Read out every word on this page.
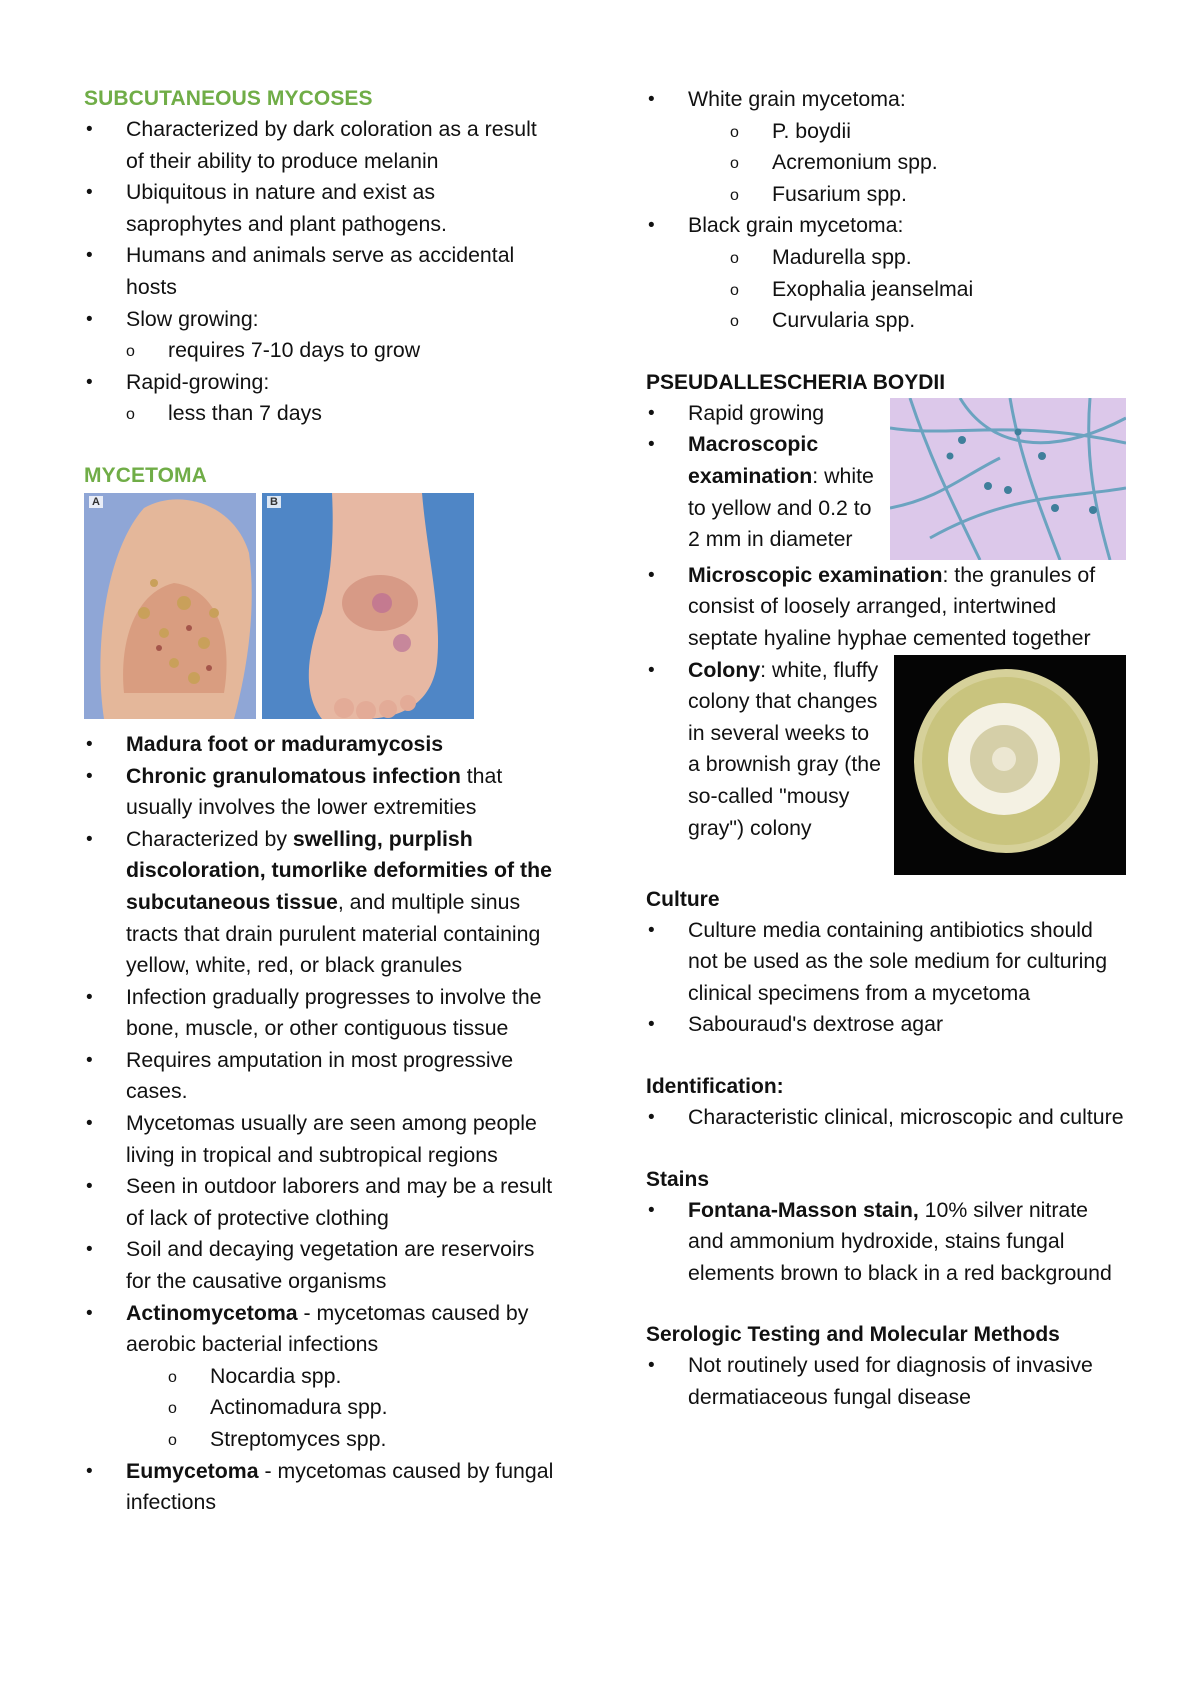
SUBCUTANEOUS MYCOSES

• Characterized by dark coloration as a result of their ability to produce melanin
• Ubiquitous in nature and exist as saprophytes and plant pathogens.
• Humans and animals serve as accidental hosts
• Slow growing:
o requires 7-10 days to grow
• Rapid-growing:
o less than 7 days

MYCETOMA

A	B
• Madura foot or maduramycosis
• Chronic granulomatous infection that usually involves the lower extremities
• Characterized by swelling, purplish discoloration, tumorlike deformities of the subcutaneous tissue, and multiple sinus tracts that drain purulent material containing yellow, white, red, or black granules
• Infection gradually progresses to involve the bone, muscle, or other contiguous tissue
• Requires amputation in most progressive cases.
• Mycetomas usually are seen among people living in tropical and subtropical regions
• Seen in outdoor laborers and may be a result of lack of protective clothing
• Soil and decaying vegetation are reservoirs for the causative organisms
• Actinomycetoma - mycetomas caused by aerobic bacterial infections
o Nocardia spp.
o Actinomadura spp.
o Streptomyces spp.
• Eumycetoma - mycetomas caused by fungal infections
• White grain mycetoma:
o P. boydii
o Acremonium spp.
o Fusarium spp.
• Black grain mycetoma:
o Madurella spp.
o Exophalia jeanselmai
o Curvularia spp.

PSEUDALLESCHERIA BOYDII

• Rapid growing
• Macroscopic examination: white to yellow and 0.2 to 2 mm in diameter
• Microscopic examination: the granules of consist of loosely arranged, intertwined septate hyaline hyphae cemented together
• Colony: white, fluffy colony that changes in several weeks to a brownish gray (the so-called "mousy gray") colony

Culture

• Culture media containing antibiotics should not be used as the sole medium for culturing clinical specimens from a mycetoma
• Sabouraud's dextrose agar

Identification:

• Characteristic clinical, microscopic and culture

Stains

• Fontana-Masson stain, 10% silver nitrate and ammonium hydroxide, stains fungal elements brown to black in a red background

Serologic Testing and Molecular Methods

• Not routinely used for diagnosis of invasive dermatiaceous fungal disease
